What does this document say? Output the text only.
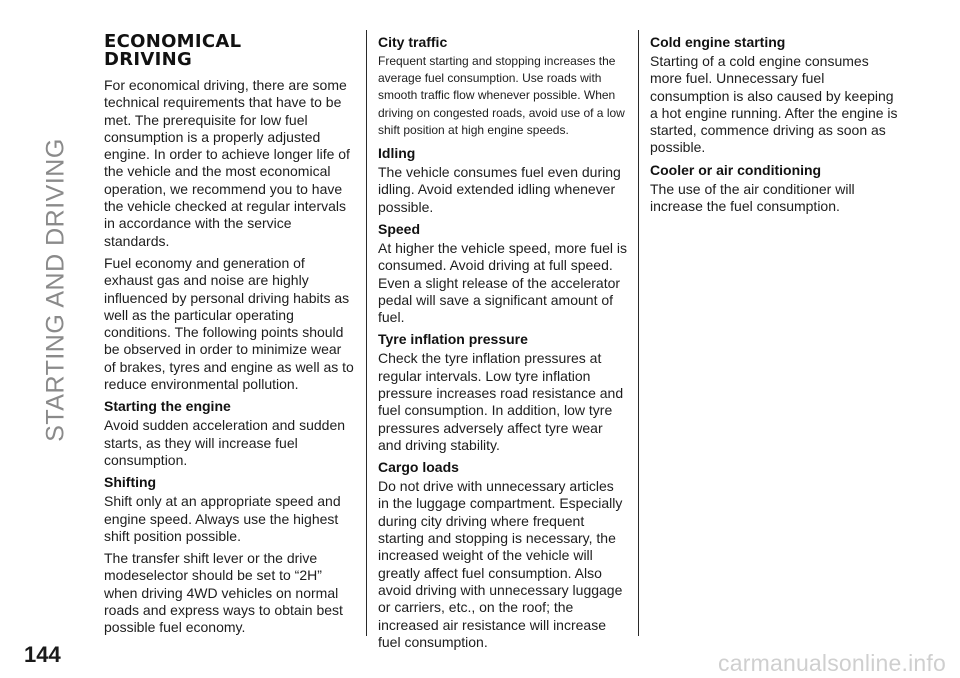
STARTING AND DRIVING
ECONOMICAL
DRIVING

For economical driving, there are some technical requirements that have to be met. The prerequisite for low fuel consumption is a properly adjusted engine. In order to achieve longer life of the vehicle and the most economical operation, we recommend you to have the vehicle checked at regular intervals in accordance with the service standards.

Fuel economy and generation of exhaust gas and noise are highly influenced by personal driving habits as well as the particular operating conditions. The following points should be observed in order to minimize wear of brakes, tyres and engine as well as to reduce environmental pollution.

Starting the engine

Avoid sudden acceleration and sudden starts, as they will increase fuel consumption.

Shifting

Shift only at an appropriate speed and engine speed. Always use the highest shift position possible.

The transfer shift lever or the drive modeselector should be set to “2H” when driving 4WD vehicles on normal roads and express ways to obtain best possible fuel economy.

City traffic

Frequent starting and stopping increases the average fuel consumption. Use roads with smooth traffic flow whenever possible. When driving on congested roads, avoid use of a low shift position at high engine speeds.

Idling

The vehicle consumes fuel even during idling. Avoid extended idling whenever possible.

Speed

At higher the vehicle speed, more fuel is consumed. Avoid driving at full speed. Even a slight release of the accelerator pedal will save a significant amount of fuel.

Tyre inflation pressure

Check the tyre inflation pressures at regular intervals. Low tyre inflation pressure increases road resistance and fuel consumption. In addition, low tyre pressures adversely affect tyre wear and driving stability.

Cargo loads

Do not drive with unnecessary articles in the luggage compartment. Especially during city driving where frequent starting and stopping is necessary, the increased weight of the vehicle will greatly affect fuel consumption. Also avoid driving with unnecessary luggage or carriers, etc., on the roof; the increased air resistance will increase fuel consumption.

Cold engine starting

Starting of a cold engine consumes more fuel. Unnecessary fuel consumption is also caused by keeping a hot engine running. After the engine is started, commence driving as soon as possible.

Cooler or air conditioning

The use of the air conditioner will increase the fuel consumption.

144	carmanualsonline.info
